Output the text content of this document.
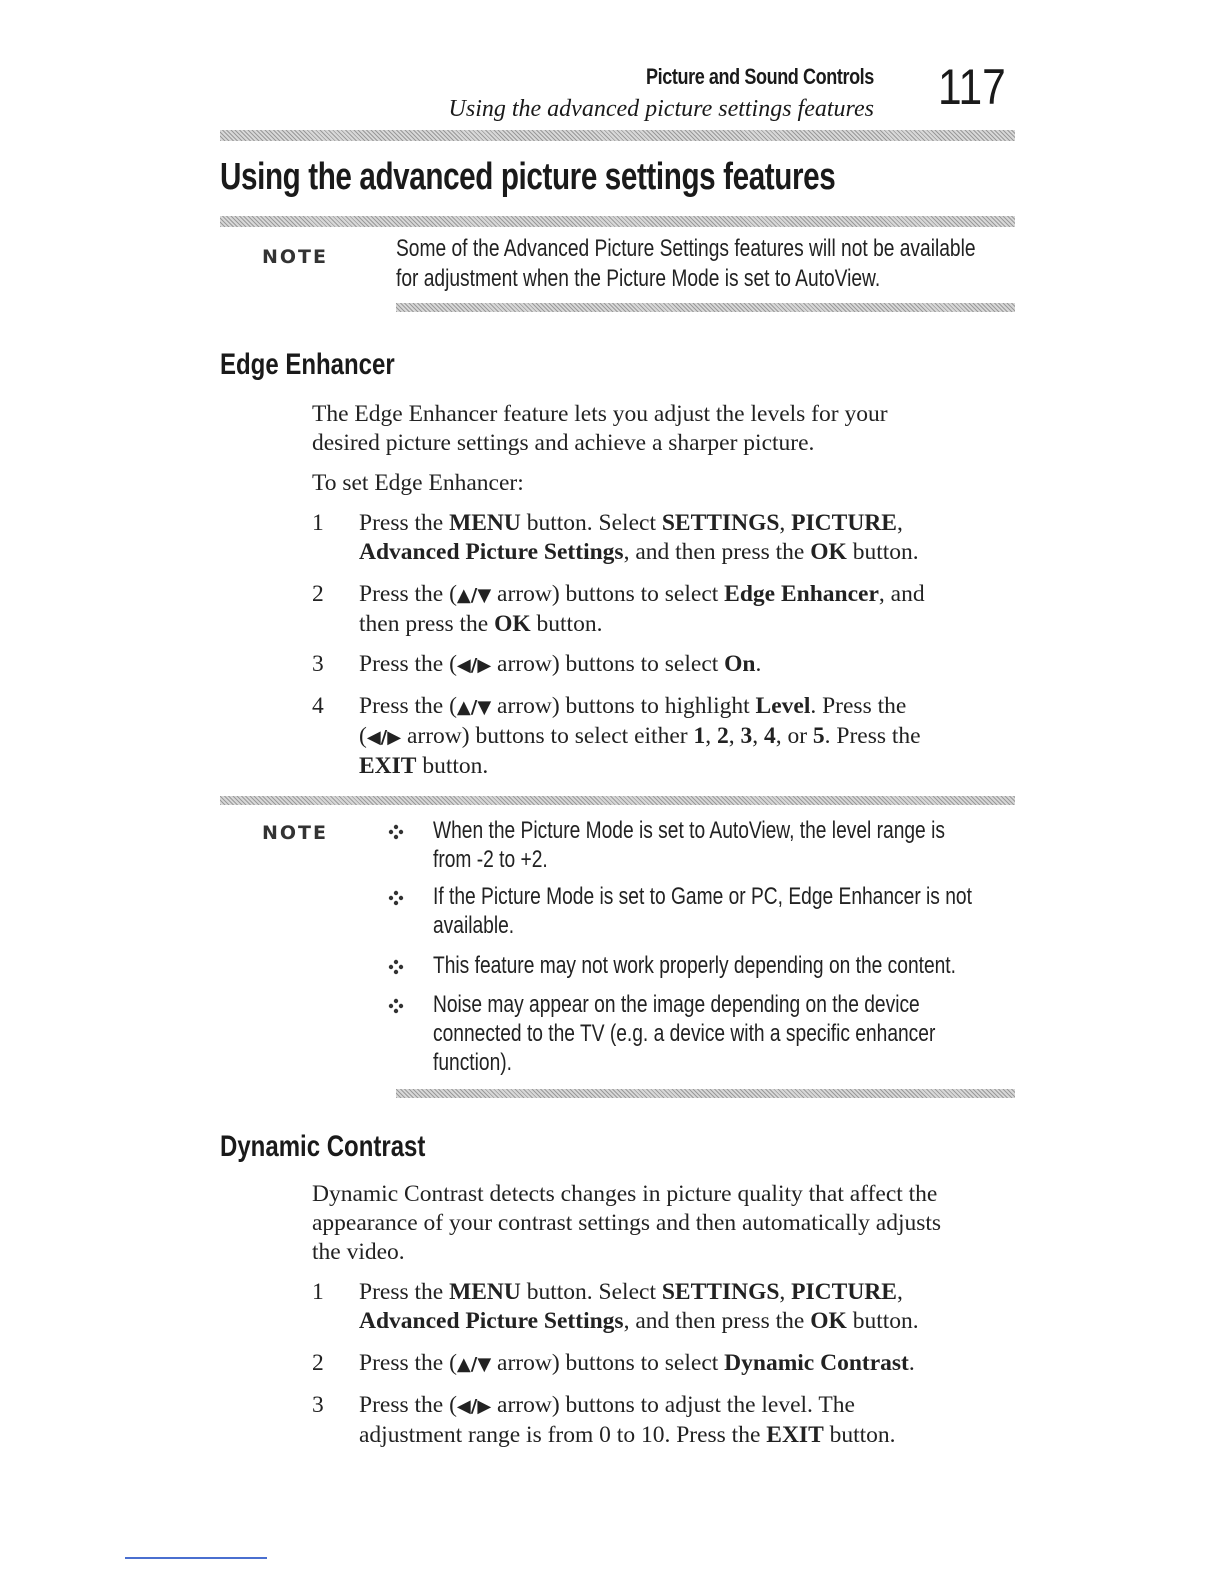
Picture and Sound Controls
Using the advanced picture settings features 117
Using the advanced picture settings features
NOTE	Some of the Advanced Picture Settings features will not be available
for adjustment when the Picture Mode is set to AutoView.
Edge Enhancer
The Edge Enhancer feature lets you adjust the levels for your
desired picture settings and achieve a sharper picture.
To set Edge Enhancer:
1 Press the MENU button. Select SETTINGS, PICTURE,
Advanced Picture Settings, and then press the OK button.
2 Press the (▲/▼ arrow) buttons to select Edge Enhancer, and
then press the OK button.
3 Press the (◀/▶ arrow) buttons to select On.
4 Press the (▲/▼ arrow) buttons to highlight Level. Press the
(◀/▶ arrow) buttons to select either 1, 2, 3, 4, or 5. Press the
EXIT button.
NOTE	When the Picture Mode is set to AutoView, the level range is
from -2 to +2.
If the Picture Mode is set to Game or PC, Edge Enhancer is not
available.
This feature may not work properly depending on the content.
Noise may appear on the image depending on the device
connected to the TV (e.g. a device with a specific enhancer
function).
Dynamic Contrast
Dynamic Contrast detects changes in picture quality that affect the
appearance of your contrast settings and then automatically adjusts
the video.
1 Press the MENU button. Select SETTINGS, PICTURE,
Advanced Picture Settings, and then press the OK button.
2 Press the (▲/▼ arrow) buttons to select Dynamic Contrast.
3 Press the (◀/▶ arrow) buttons to adjust the level. The
adjustment range is from 0 to 10. Press the EXIT button.
